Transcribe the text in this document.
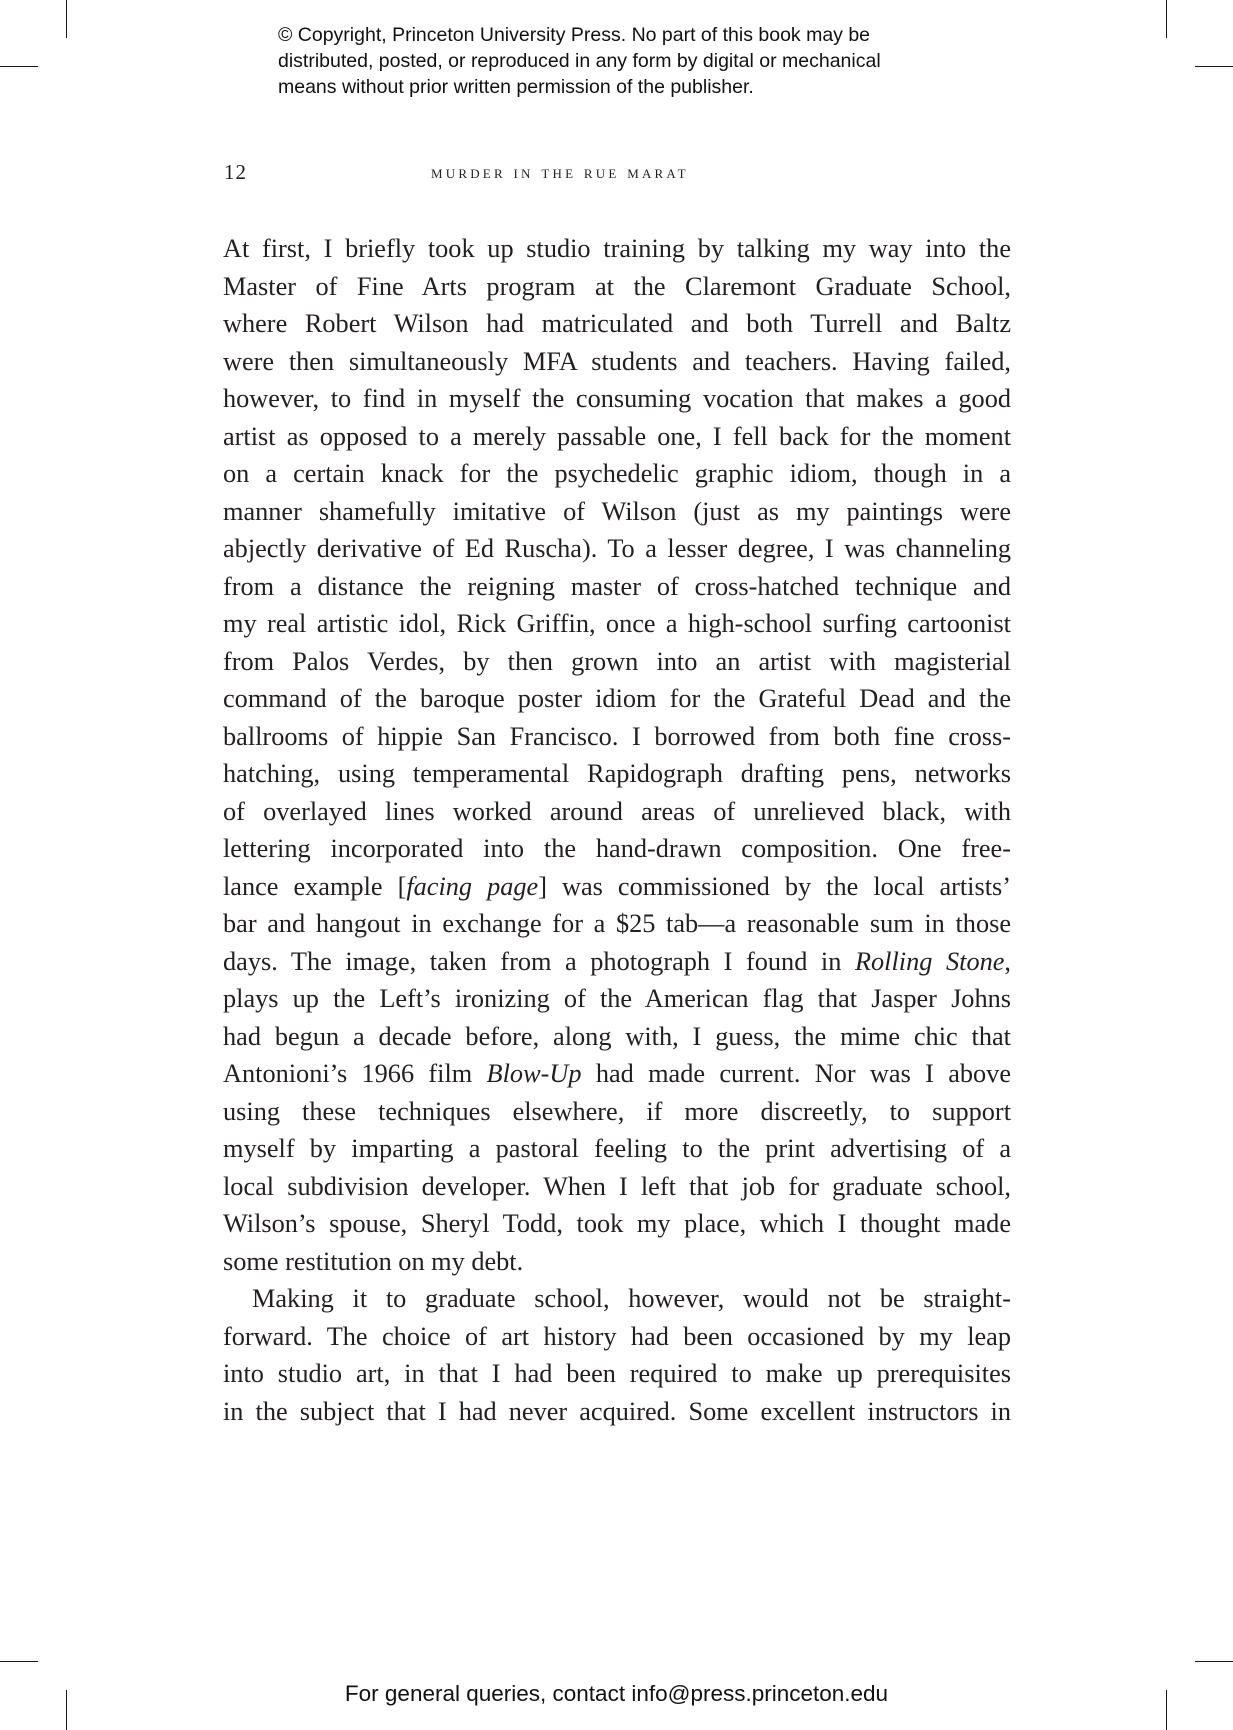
© Copyright, Princeton University Press. No part of this book may be
distributed, posted, or reproduced in any form by digital or mechanical
means without prior written permission of the publisher.
12	murder in the rue marat

At first, I briefly took up studio training by talking my way into the
Master of Fine Arts program at the Claremont Graduate School,
where Robert Wilson had matriculated and both Turrell and Baltz
were then simultaneously MFA students and teachers. Having failed,
however, to find in myself the consuming vocation that makes a good
artist as opposed to a merely passable one, I fell back for the moment
on a certain knack for the psychedelic graphic idiom, though in a
manner shamefully imitative of Wilson (just as my paintings were
abjectly derivative of Ed Ruscha). To a lesser degree, I was channeling
from a distance the reigning master of cross-hatched technique and
my real artistic idol, Rick Griffin, once a high-school surfing cartoonist
from Palos Verdes, by then grown into an artist with magisterial
command of the baroque poster idiom for the Grateful Dead and the
ballrooms of hippie San Francisco. I borrowed from both fine cross-
hatching, using temperamental Rapidograph drafting pens, networks
of overlayed lines worked around areas of unrelieved black, with
lettering incorporated into the hand-drawn composition. One free-
lance example [facing page] was commissioned by the local artists’
bar and hangout in exchange for a $25 tab—a reasonable sum in those
days. The image, taken from a photograph I found in Rolling Stone,
plays up the Left’s ironizing of the American flag that Jasper Johns
had begun a decade before, along with, I guess, the mime chic that
Antonioni’s 1966 film Blow-Up had made current. Nor was I above
using these techniques elsewhere, if more discreetly, to support
myself by imparting a pastoral feeling to the print advertising of a
local subdivision developer. When I left that job for graduate school,
Wilson’s spouse, Sheryl Todd, took my place, which I thought made
some restitution on my debt.

Making it to graduate school, however, would not be straight-
forward. The choice of art history had been occasioned by my leap
into studio art, in that I had been required to make up prerequisites
in the subject that I had never acquired. Some excellent instructors in

For general queries, contact info@press.princeton.edu
